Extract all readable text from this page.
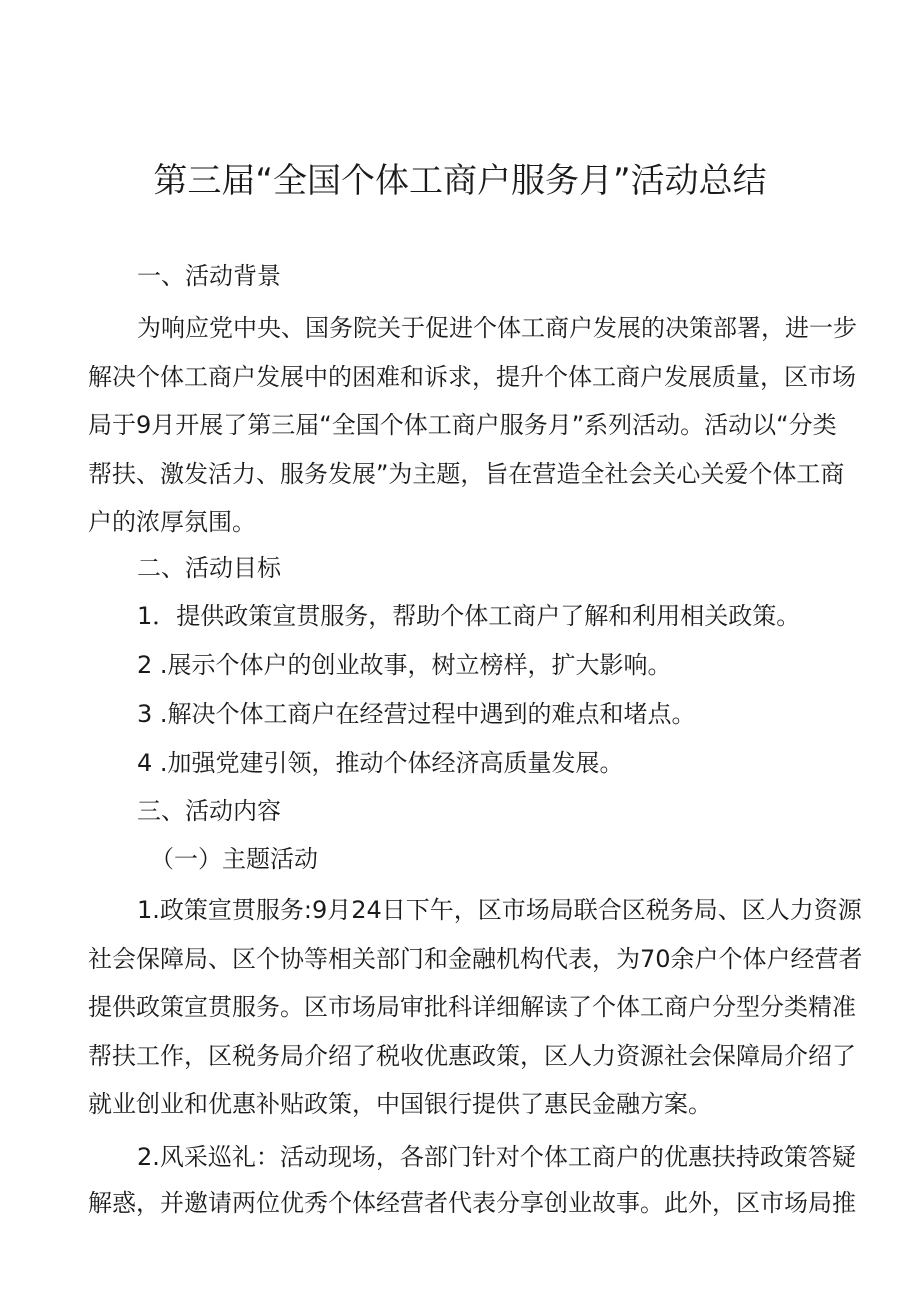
第三届“全国个体工商户服务月”活动总结
一、活动背景
为响应党中央、国务院关于促进个体工商户发展的决策部署，进一步
解决个体工商户发展中的困难和诉求，提升个体工商户发展质量，区市场
局于9月开展了第三届“全国个体工商户服务月”系列活动。活动以“分类
帮扶、激发活力、服务发展”为主题，旨在营造全社会关心关爱个体工商
户的浓厚氛围。
二、活动目标
1．提供政策宣贯服务，帮助个体工商户了解和利用相关政策。
2 .展示个体户的创业故事，树立榜样，扩大影响。
3 .解决个体工商户在经营过程中遇到的难点和堵点。
4 .加强党建引领，推动个体经济高质量发展。
三、活动内容
（一）主题活动
1.政策宣贯服务:9月24日下午，区市场局联合区税务局、区人力资源
社会保障局、区个协等相关部门和金融机构代表，为70余户个体户经营者
提供政策宣贯服务。区市场局审批科详细解读了个体工商户分型分类精准
帮扶工作，区税务局介绍了税收优惠政策，区人力资源社会保障局介绍了
就业创业和优惠补贴政策，中国银行提供了惠民金融方案。
2.风采巡礼：活动现场，各部门针对个体工商户的优惠扶持政策答疑
解惑，并邀请两位优秀个体经营者代表分享创业故事。此外，区市场局推
